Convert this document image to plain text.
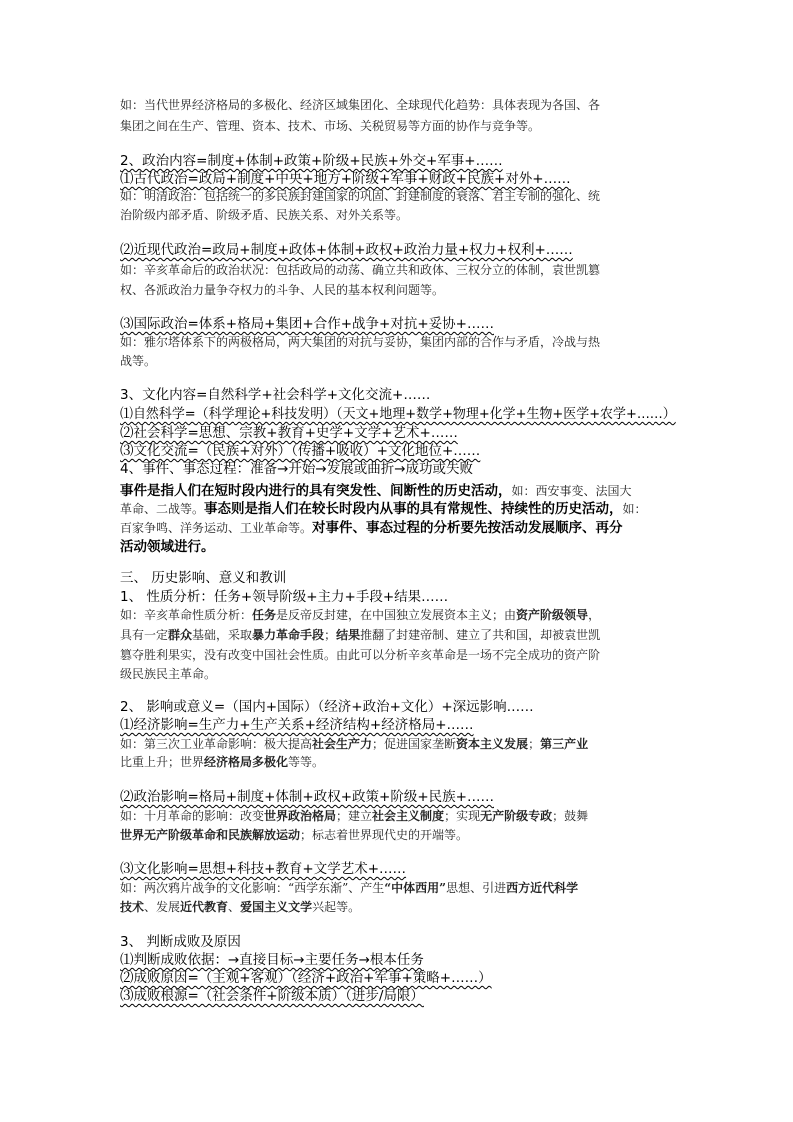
如：当代世界经济格局的多极化、经济区域集团化、全球现代化趋势：具体表现为各国、各
集团之间在生产、管理、资本、技术、市场、关税贸易等方面的协作与竞争等。
2、政治内容=制度+体制+政策+阶级+民族+外交+军事+……
⑴古代政治=政局+制度+中央+地方+阶级+军事+财政+民族+对外+……
如：明清政治：包括统一的多民族封建国家的巩固、封建制度的衰落、君主专制的强化、统
治阶级内部矛盾、阶级矛盾、民族关系、对外关系等。
⑵近现代政治=政局+制度+政体+体制+政权+政治力量+权力+权利+……
如：辛亥革命后的政治状况：包括政局的动荡、确立共和政体、三权分立的体制，袁世凯篡
权、各派政治力量争夺权力的斗争、人民的基本权利问题等。
⑶国际政治=体系+格局+集团+合作+战争+对抗+妥协+……
如：雅尔塔体系下的两极格局，两大集团的对抗与妥协，集团内部的合作与矛盾，冷战与热
战等。
3、文化内容=自然科学+社会科学+文化交流+……
⑴自然科学=（科学理论+科技发明）（天文+地理+数学+物理+化学+生物+医学+农学+……）
⑵社会科学=思想、宗教+教育+史学+文学+艺术+……
⑶文化交流=（民族+对外）（传播+吸收）+文化地位+……
4、事件、事态过程：准备→开始→发展或曲折→成功或失败
事件是指人们在短时段内进行的具有突发性、间断性的历史活动，如：西安事变、法国大
革命、二战等。事态则是指人们在较长时段内从事的具有常规性、持续性的历史活动，如：
百家争鸣、洋务运动、工业革命等。对事件、事态过程的分析要先按活动发展顺序、再分
活动领域进行。
三、 历史影响、意义和教训
1、 性质分析：任务+领导阶级+主力+手段+结果……
如：辛亥革命性质分析：任务是反帝反封建，在中国独立发展资本主义；由资产阶级领导，
具有一定群众基础，采取暴力革命手段；结果推翻了封建帝制、建立了共和国，却被袁世凯
篡夺胜利果实，没有改变中国社会性质。由此可以分析辛亥革命是一场不完全成功的资产阶
级民族民主革命。
2、 影响或意义=（国内+国际）（经济+政治+文化）+深远影响……
⑴经济影响=生产力+生产关系+经济结构+经济格局+……
如：第三次工业革命影响：极大提高社会生产力；促进国家垄断资本主义发展；第三产业
比重上升；世界经济格局多极化等等。
⑵政治影响=格局+制度+体制+政权+政策+阶级+民族+……
如：十月革命的影响：改变世界政治格局；建立社会主义制度；实现无产阶级专政；鼓舞
世界无产阶级革命和民族解放运动；标志着世界现代史的开端等。
⑶文化影响=思想+科技+教育+文学艺术+……
如：两次鸦片战争的文化影响：“西学东渐”、产生“中体西用”思想、引进西方近代科学
技术、发展近代教育、爱国主义文学兴起等。
3、 判断成败及原因
⑴判断成败依据：→直接目标→主要任务→根本任务
⑵成败原因=（主观+客观）（经济+政治+军事+策略+……）
⑶成败根源=（社会条件+阶级本质）（进步/局限）
